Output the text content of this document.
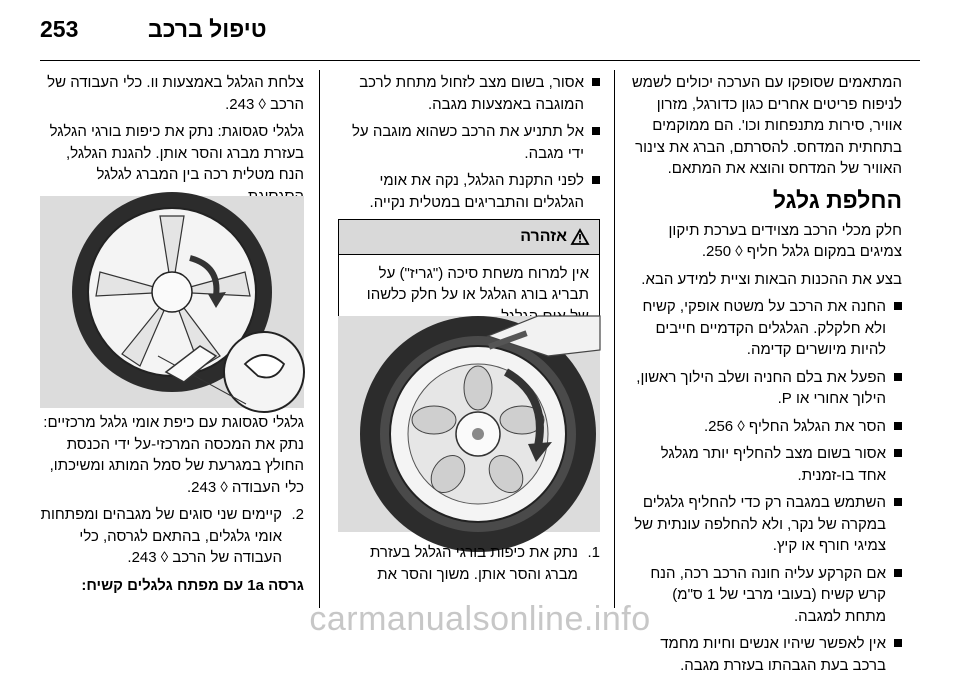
253	טיפול ברכב

המתאמים שסופקו עם הערכה יכולים לשמש לניפוח פריטים אחרים כגון כדורגל, מזרון אוויר, סירות מתנפחות וכו'. הם ממוקמים בתחתית המדחס. להסרתם, הברג את צינור האוויר של המדחס והוצא את המתאם.

החלפת גלגל

חלק מכלי הרכב מצוידים בערכת תיקון צמיגים במקום גלגל חליף ◊ 250.

בצע את ההכנות הבאות וציית למידע הבא.

החנה את הרכב על משטח אופקי, קשיח ולא חלקלק. הגלגלים הקדמיים חייבים להיות מיושרים קדימה.
הפעל את בלם החניה ושלב הילוך ראשון, הילוך אחורי או P.
הסר את הגלגל החליף ◊ 256.
אסור בשום מצב להחליף יותר מגלגל אחד בו-זמנית.
השתמש במגבה רק כדי להחליף גלגלים במקרה של נקר, ולא להחלפה עונתית של צמיגי חורף או קיץ.
אם הקרקע עליה חונה הרכב רכה, הנח קרש קשיח (בעובי מרבי של 1 ס"מ) מתחת למגבה.
אין לאפשר שיהיו אנשים וחיות מחמד ברכב בעת הגבהתו בעזרת מגבה.
אסור, בשום מצב לזחול מתחת לרכב המוגבה באמצעות מגבה.
אל תתניע את הרכב כשהוא מוגבה על ידי מגבה.
לפני התקנת הגלגל, נקה את אומי הגלגלים והתבריגים במטלית נקייה.
אזהרה
אין למרוח משחת סיכה ("גריז") על תבריג בורג הגלגל או על חלק כלשהו
1.
נתק את כיפות בורגי הגלגל בעזרת מברג והסר אותן. משוך והסר את

צלחת הגלגל באמצעות וו. כלי העבודה של הרכב ◊ 243.

גלגלי סגסוגת: נתק את כיפות בורגי הגלגל בעזרת מברג והסר אותן. להגנת הגלגל, הנח מטלית רכה בין המברג לגלגל

גלגלי סגסוגת עם כיפת אומי גלגל מרכזיים: נתק את המכסה המרכזי-על ידי הכנסת החולץ במגרעת של סמל המותג ומשיכתו, כלי העבודה ◊ 243.

2.
קיימים שני סוגים של מגבהים ומפתחות אומי גלגלים, בהתאם לגרסה, כלי העבודה של הרכב ◊ 243.

גרסה 1a עם מפתח גלגלים קשיח:

carmanualsonline.info
